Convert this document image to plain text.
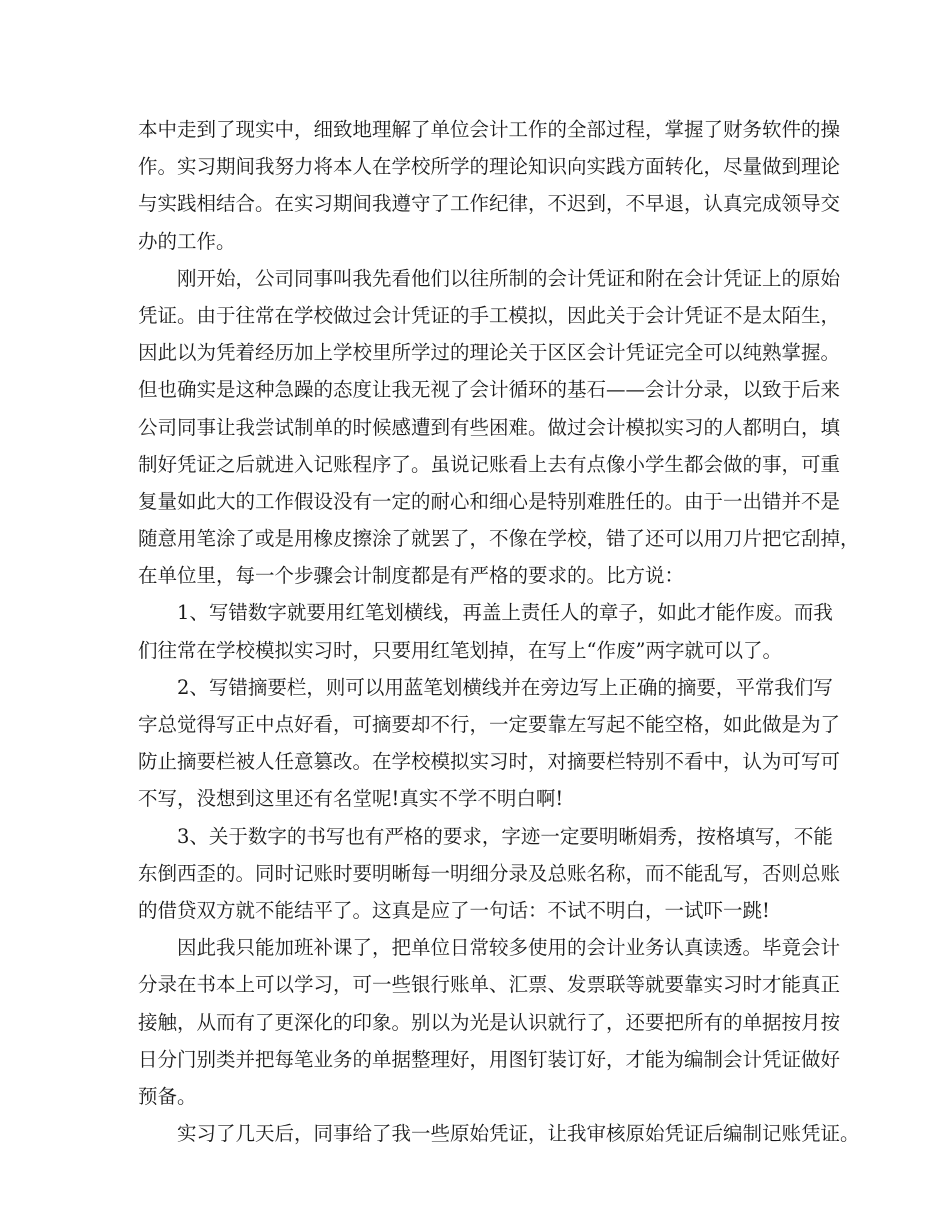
本中走到了现实中，细致地理解了单位会计工作的全部过程，掌握了财务软件的操
作。实习期间我努力将本人在学校所学的理论知识向实践方面转化，尽量做到理论
与实践相结合。在实习期间我遵守了工作纪律，不迟到，不早退，认真完成领导交
办的工作。
刚开始，公司同事叫我先看他们以往所制的会计凭证和附在会计凭证上的原始
凭证。由于往常在学校做过会计凭证的手工模拟，因此关于会计凭证不是太陌生，
因此以为凭着经历加上学校里所学过的理论关于区区会计凭证完全可以纯熟掌握。
但也确实是这种急躁的态度让我无视了会计循环的基石——会计分录，以致于后来
公司同事让我尝试制单的时候感遭到有些困难。做过会计模拟实习的人都明白，填
制好凭证之后就进入记账程序了。虽说记账看上去有点像小学生都会做的事，可重
复量如此大的工作假设没有一定的耐心和细心是特别难胜任的。由于一出错并不是
随意用笔涂了或是用橡皮擦涂了就罢了，不像在学校，错了还可以用刀片把它刮掉，
在单位里，每一个步骤会计制度都是有严格的要求的。比方说：
1、写错数字就要用红笔划横线，再盖上责任人的章子，如此才能作废。而我
们往常在学校模拟实习时，只要用红笔划掉，在写上“作废”两字就可以了。
2、写错摘要栏，则可以用蓝笔划横线并在旁边写上正确的摘要，平常我们写
字总觉得写正中点好看，可摘要却不行，一定要靠左写起不能空格，如此做是为了
防止摘要栏被人任意篡改。在学校模拟实习时，对摘要栏特别不看中，认为可写可
不写，没想到这里还有名堂呢!真实不学不明白啊!
3、关于数字的书写也有严格的要求，字迹一定要明晰娟秀，按格填写，不能
东倒西歪的。同时记账时要明晰每一明细分录及总账名称，而不能乱写，否则总账
的借贷双方就不能结平了。这真是应了一句话：不试不明白，一试吓一跳!
因此我只能加班补课了，把单位日常较多使用的会计业务认真读透。毕竟会计
分录在书本上可以学习，可一些银行账单、汇票、发票联等就要靠实习时才能真正
接触，从而有了更深化的印象。别以为光是认识就行了，还要把所有的单据按月按
日分门别类并把每笔业务的单据整理好，用图钉装订好，才能为编制会计凭证做好
预备。
实习了几天后，同事给了我一些原始凭证，让我审核原始凭证后编制记账凭证。
